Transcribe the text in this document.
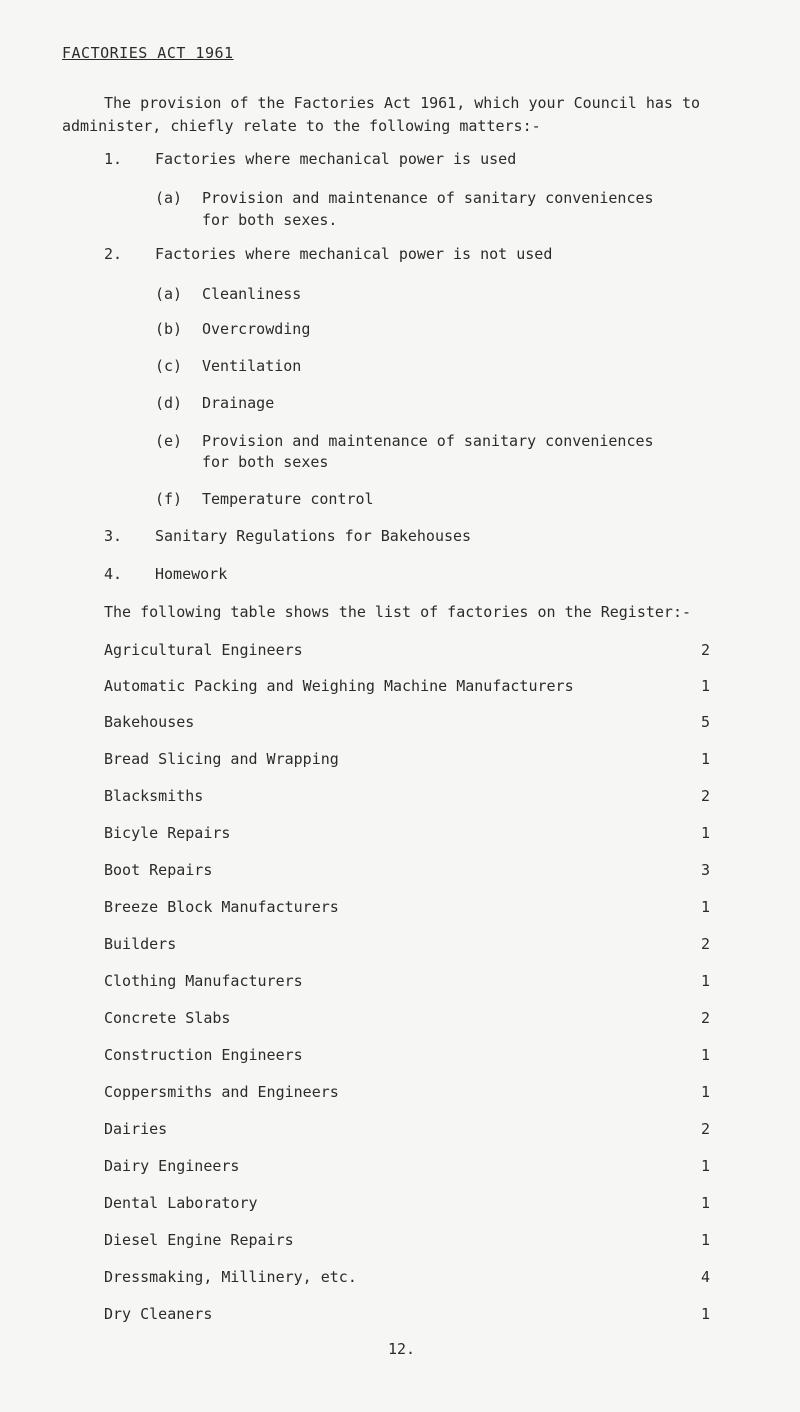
FACTORIES ACT 1961
The provision of the Factories Act 1961, which your Council has to
administer, chiefly relate to the following matters:-
1. Factories where mechanical power is used
(a) Provision and maintenance of sanitary conveniences
for both sexes.
2. Factories where mechanical power is not used
(a) Cleanliness
(b) Overcrowding
(c) Ventilation
(d) Drainage
(e) Provision and maintenance of sanitary conveniences
for both sexes
(f) Temperature control
3. Sanitary Regulations for Bakehouses
4. Homework
The following table shows the list of factories on the Register:-
Agricultural Engineers	2
Automatic Packing and Weighing Machine Manufacturers	1
Bakehouses	5
Bread Slicing and Wrapping	1
Blacksmiths	2
Bicyle Repairs	1
Boot Repairs	3
Breeze Block Manufacturers	1
Builders	2
Clothing Manufacturers	1
Concrete Slabs	2
Construction Engineers	1
Coppersmiths and Engineers	1
Dairies	2
Dairy Engineers	1
Dental Laboratory	1
Diesel Engine Repairs	1
Dressmaking, Millinery, etc.	4
Dry Cleaners	1
12.
